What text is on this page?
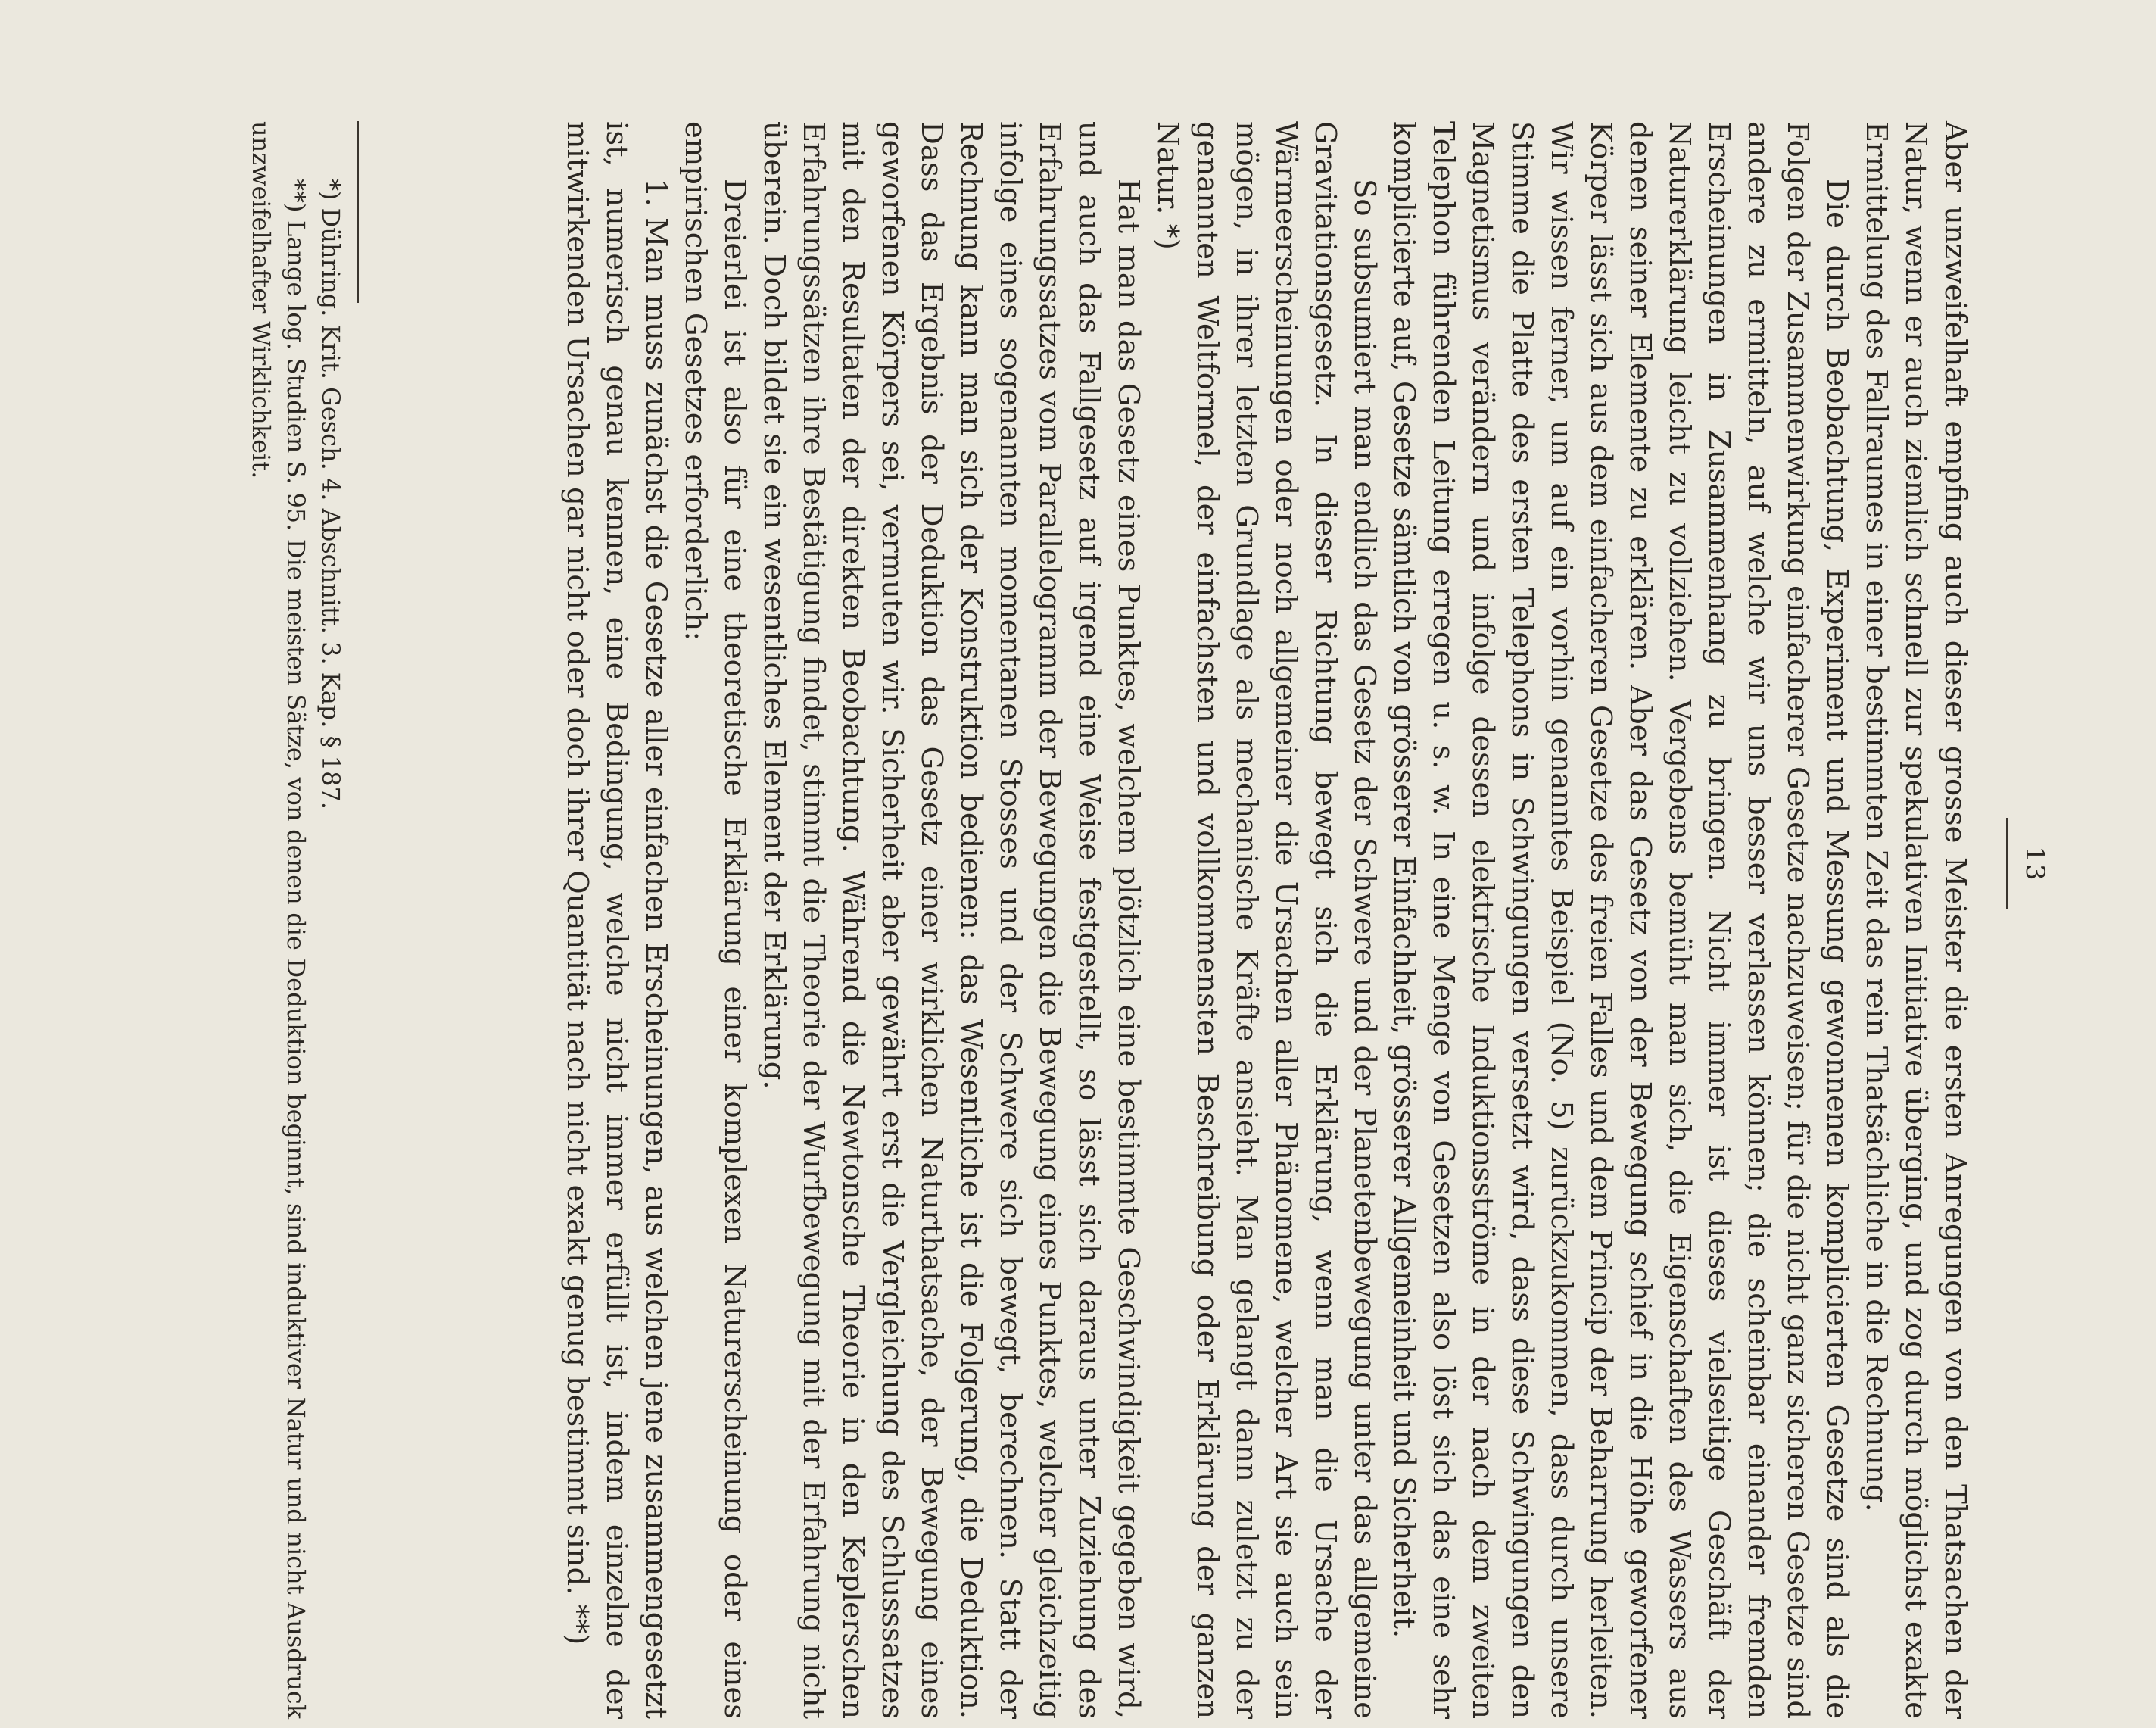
13

Aber unzweifelhaft empfing auch dieser grosse Meister die ersten Anregungen von den Thatsachen der Natur, wenn er auch ziemlich schnell zur spekulativen Initiative überging, und zog durch möglichst exakte Ermittelung des Fallraumes in einer bestimmten Zeit das rein Thatsächliche in die Rechnung.

Die durch Beobachtung, Experiment und Messung gewonnenen komplicierten Gesetze sind als die Folgen der Zusammenwirkung einfacherer Gesetze nachzuweisen; für die nicht ganz sicheren Gesetze sind andere zu ermitteln, auf welche wir uns besser verlassen können; die scheinbar einander fremden Erscheinungen in Zusammenhang zu bringen. Nicht immer ist dieses vielseitige Geschäft der Naturerklärung leicht zu vollziehen. Vergebens bemüht man sich, die Eigenschaften des Wassers aus denen seiner Elemente zu erklären. Aber das Gesetz von der Bewegung schief in die Höhe geworfener Körper lässt sich aus dem einfacheren Gesetze des freien Falles und dem Princip der Beharrung herleiten. Wir wissen ferner, um auf ein vorhin genanntes Beispiel (No. 5) zurückzukommen, dass durch unsere Stimme die Platte des ersten Telephons in Schwingungen versetzt wird, dass diese Schwingungen den Magnetismus verändern und infolge dessen elektrische Induktionsströme in der nach dem zweiten Telephon führenden Leitung erregen u. s. w. In eine Menge von Gesetzen also löst sich das eine sehr komplicierte auf, Gesetze sämtlich von grösserer Einfachheit, grösserer Allgemeinheit und Sicherheit.

So subsumiert man endlich das Gesetz der Schwere und der Planetenbewegung unter das allgemeine Gravitationsgesetz. In dieser Richtung bewegt sich die Erklärung, wenn man die Ursache der Wärmeerscheinungen oder noch allgemeiner die Ursachen aller Phänomene, welcher Art sie auch sein mögen, in ihrer letzten Grundlage als mechanische Kräfte ansieht. Man gelangt dann zuletzt zu der genannten Weltformel, der einfachsten und vollkommensten Beschreibung oder Erklärung der ganzen Natur. *)

Hat man das Gesetz eines Punktes, welchem plötzlich eine bestimmte Geschwindigkeit gegeben wird, und auch das Fallgesetz auf irgend eine Weise festgestellt, so lässt sich daraus unter Zuziehung des Erfahrungssatzes vom Parallelogramm der Bewegungen die Bewegung eines Punktes, welcher gleichzeitig infolge eines sogenannten momentanen Stosses und der Schwere sich bewegt, berechnen. Statt der Rechnung kann man sich der Konstruktion bedienen: das Wesentliche ist die Folgerung, die Deduktion. Dass das Ergebnis der Deduktion das Gesetz einer wirklichen Naturthatsache, der Bewegung eines geworfenen Körpers sei, vermuten wir. Sicherheit aber gewährt erst die Vergleichung des Schlusssatzes mit den Resultaten der direkten Beobachtung. Während die Newtonsche Theorie in den Keplerschen Erfahrungssätzen ihre Bestätigung findet, stimmt die Theorie der Wurfbewegung mit der Erfahrung nicht überein. Doch bildet sie ein wesentliches Element der Erklärung.

Dreierlei ist also für eine theoretische Erklärung einer komplexen Naturerscheinung oder eines empirischen Gesetzes erforderlich:

1. Man muss zunächst die Gesetze aller einfachen Erscheinungen, aus welchen jene zusammengesetzt ist, numerisch genau kennen, eine Bedingung, welche nicht immer erfüllt ist, indem einzelne der mitwirkenden Ursachen gar nicht oder doch ihrer Quantität nach nicht exakt genug bestimmt sind. **)

*) Dühring. Krit. Gesch. 4. Abschnitt. 3. Kap. § 187.

**) Lange log. Studien S. 95. Die meisten Sätze, von denen die Deduktion beginnt, sind induktiver Natur und nicht Ausdruck unzweifelhafter Wirklichkeit.
